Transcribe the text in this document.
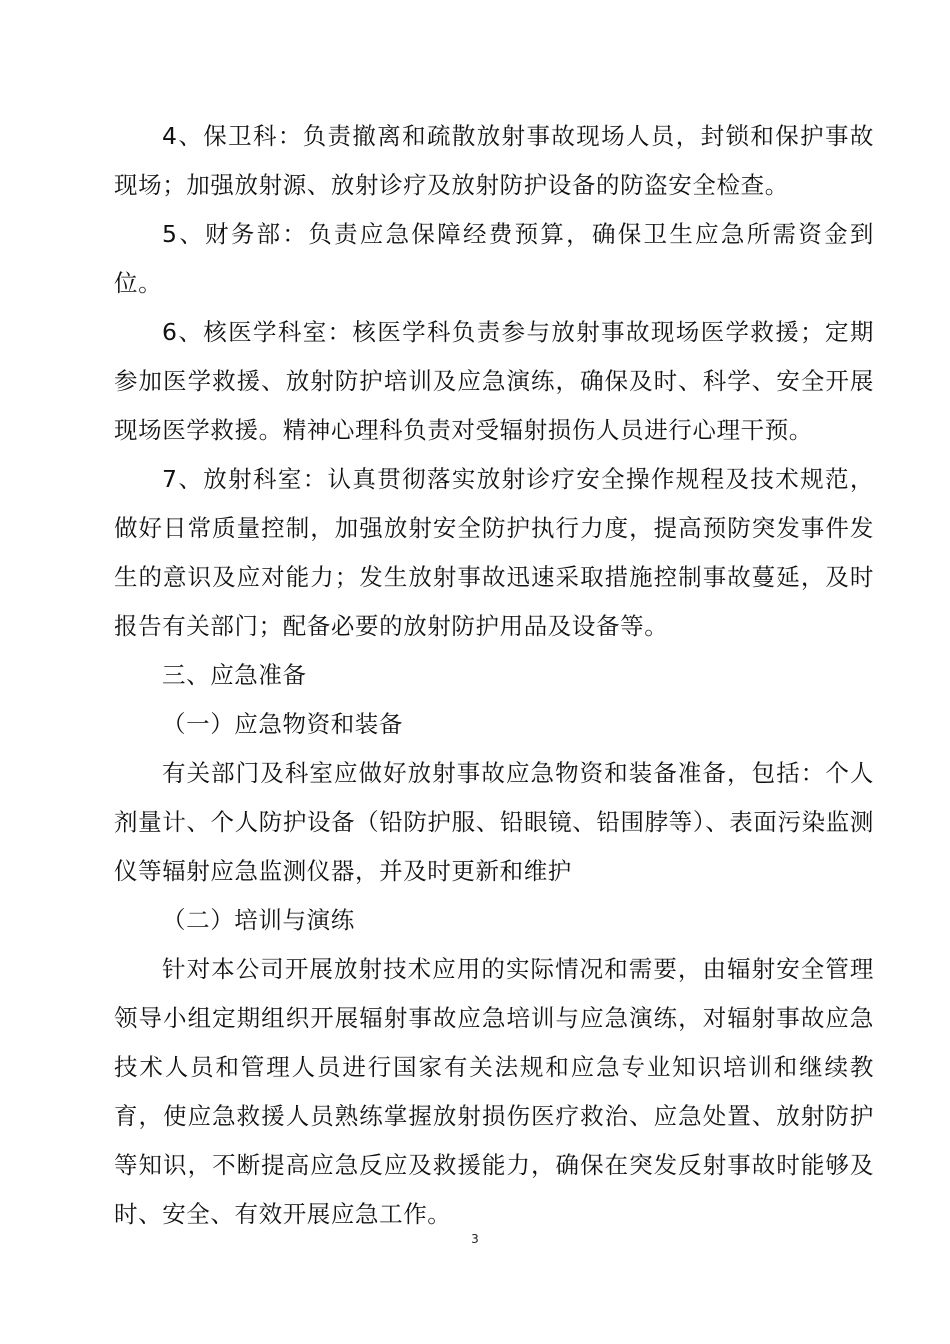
4、保卫科：负责撤离和疏散放射事故现场人员，封锁和保护事故现场；加强放射源、放射诊疗及放射防护设备的防盗安全检查。

5、财务部：负责应急保障经费预算，确保卫生应急所需资金到位。

6、核医学科室：核医学科负责参与放射事故现场医学救援；定期参加医学救援、放射防护培训及应急演练，确保及时、科学、安全开展现场医学救援。精神心理科负责对受辐射损伤人员进行心理干预。

7、放射科室：认真贯彻落实放射诊疗安全操作规程及技术规范，做好日常质量控制，加强放射安全防护执行力度，提高预防突发事件发生的意识及应对能力；发生放射事故迅速采取措施控制事故蔓延，及时报告有关部门；配备必要的放射防护用品及设备等。

三、应急准备

（一）应急物资和装备

有关部门及科室应做好放射事故应急物资和装备准备，包括：个人剂量计、个人防护设备（铅防护服、铅眼镜、铅围脖等）、表面污染监测仪等辐射应急监测仪器，并及时更新和维护

（二）培训与演练

针对本公司开展放射技术应用的实际情况和需要，由辐射安全管理领导小组定期组织开展辐射事故应急培训与应急演练，对辐射事故应急技术人员和管理人员进行国家有关法规和应急专业知识培训和继续教育，使应急救援人员熟练掌握放射损伤医疗救治、应急处置、放射防护等知识，不断提高应急反应及救援能力，确保在突发反射事故时能够及时、安全、有效开展应急工作。

3
